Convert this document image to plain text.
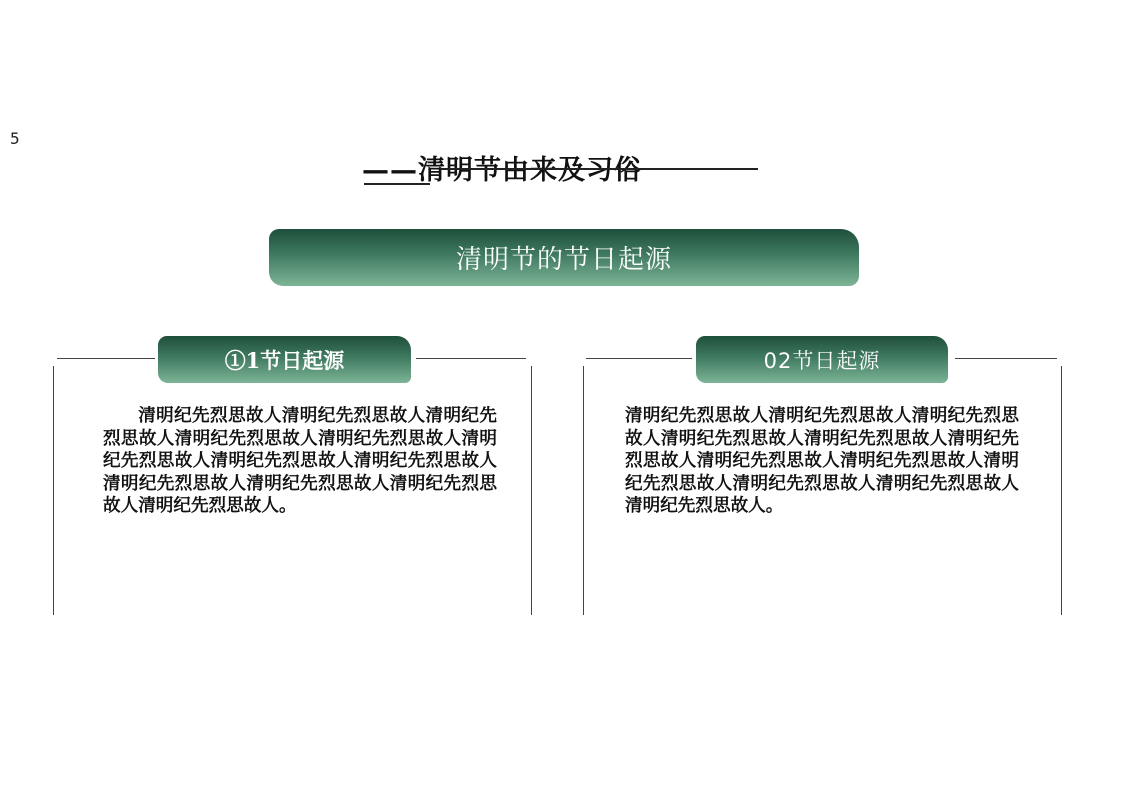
5
——清明节由来及习俗
清明节的节日起源
①1节日起源
清明纪先烈思故人清明纪先烈思故人清明纪先烈思故人清明纪先烈思故人清明纪先烈思故人清明纪先烈思故人清明纪先烈思故人清明纪先烈思故人清明纪先烈思故人清明纪先烈思故人清明纪先烈思故人清明纪先烈思故人。
02节日起源
清明纪先烈思故人清明纪先烈思故人清明纪先烈思故人清明纪先烈思故人清明纪先烈思故人清明纪先烈思故人清明纪先烈思故人清明纪先烈思故人清明纪先烈思故人清明纪先烈思故人清明纪先烈思故人清明纪先烈思故人。
